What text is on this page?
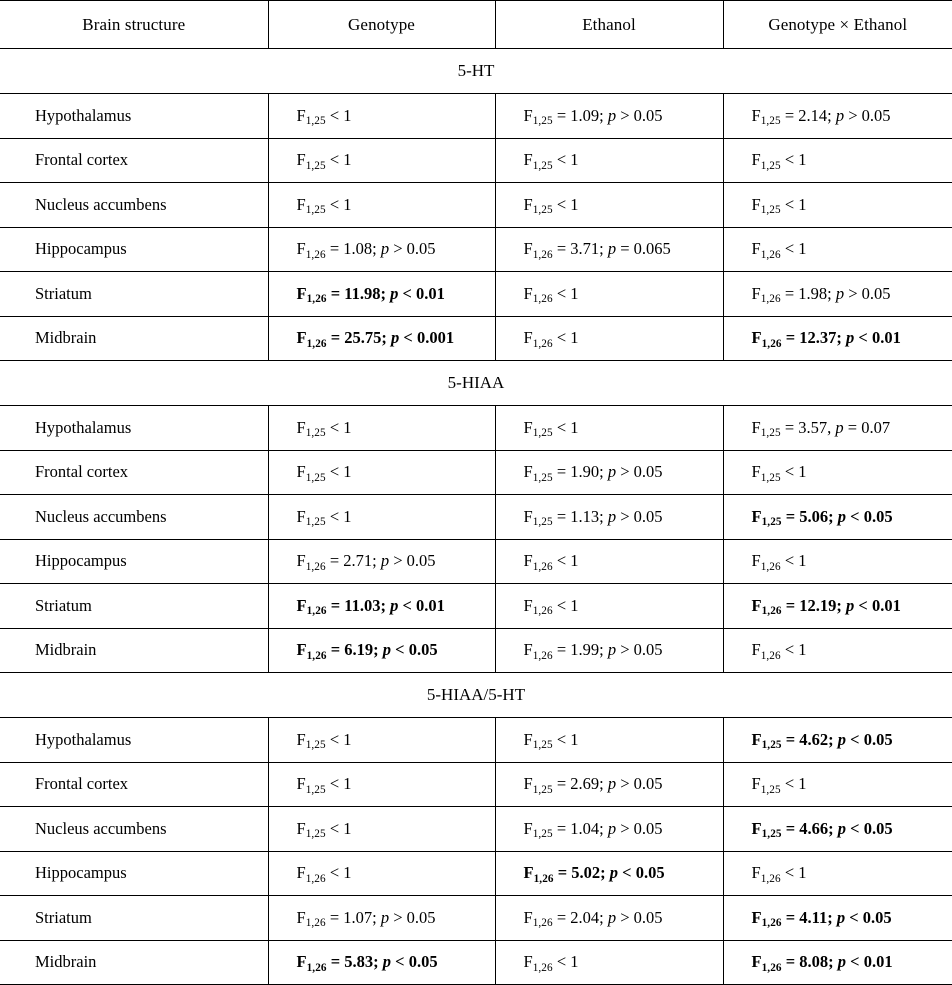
Brain structure	Genotype	Ethanol	Genotype × Ethanol
5-HT			
Hypothalamus	$F_{1,25} < 1$	$F_{1,25} = 1.09$; p > 0.05	$F_{1,25} = 2.14$; p > 0.05
Frontal cortex	$F_{1,25} < 1$	$F_{1,25} < 1$	$F_{1,25} < 1$
Nucleus accumbens	$F_{1,25} < 1$	$F_{1,25} < 1$	$F_{1,25} < 1$
Hippocampus	$F_{1,26} = 1.08$; p > 0.05	$F_{1,26} = 3.71$; p = 0.065	$F_{1,26} < 1$
Striatum	$F_{1,26} = 11.98$; p < 0.01	$F_{1,26} < 1$	$F_{1,26} = 1.98$; p > 0.05
Midbrain	$F_{1,26} = 25.75$; p < 0.001	$F_{1,26} < 1$	$F_{1,26} = 12.37$; p < 0.01
5-HIAA			
Hypothalamus	$F_{1,25} < 1$	$F_{1,25} < 1$	$F_{1,25} = 3.57$, p = 0.07
Frontal cortex	$F_{1,25} < 1$	$F_{1,25} = 1.90$; p > 0.05	$F_{1,25} < 1$
Nucleus accumbens	$F_{1,25} < 1$	$F_{1,25} = 1.13$; p > 0.05	$F_{1,25} = 5.06$; p < 0.05
Hippocampus	$F_{1,26} = 2.71$; p > 0.05	$F_{1,26} < 1$	$F_{1,26} < 1$
Striatum	$F_{1,26} = 11.03$; p < 0.01	$F_{1,26} < 1$	$F_{1,26} = 12.19$; p < 0.01
Midbrain	$F_{1,26} = 6.19$; p < 0.05	$F_{1,26} = 1.99$; p > 0.05	$F_{1,26} < 1$
5-HIAA/5-HT			
Hypothalamus	$F_{1,25} < 1$	$F_{1,25} < 1$	$F_{1,25} = 4.62$; p < 0.05
Frontal cortex	$F_{1,25} < 1$	$F_{1,25} = 2.69$; p > 0.05	$F_{1,25} < 1$
Nucleus accumbens	$F_{1,25} < 1$	$F_{1,25} = 1.04$; p > 0.05	$F_{1,25} = 4.66$; p < 0.05
Hippocampus	$F_{1,26} < 1$	$F_{1,26} = 5.02$; p < 0.05	$F_{1,26} < 1$
Striatum	$F_{1,26} = 1.07$; p > 0.05	$F_{1,26} = 2.04$; p > 0.05	$F_{1,26} = 4.11$; p < 0.05
Midbrain	$F_{1,26} = 5.83$; p < 0.05	$F_{1,26} < 1$	$F_{1,26} = 8.08$; p < 0.01
